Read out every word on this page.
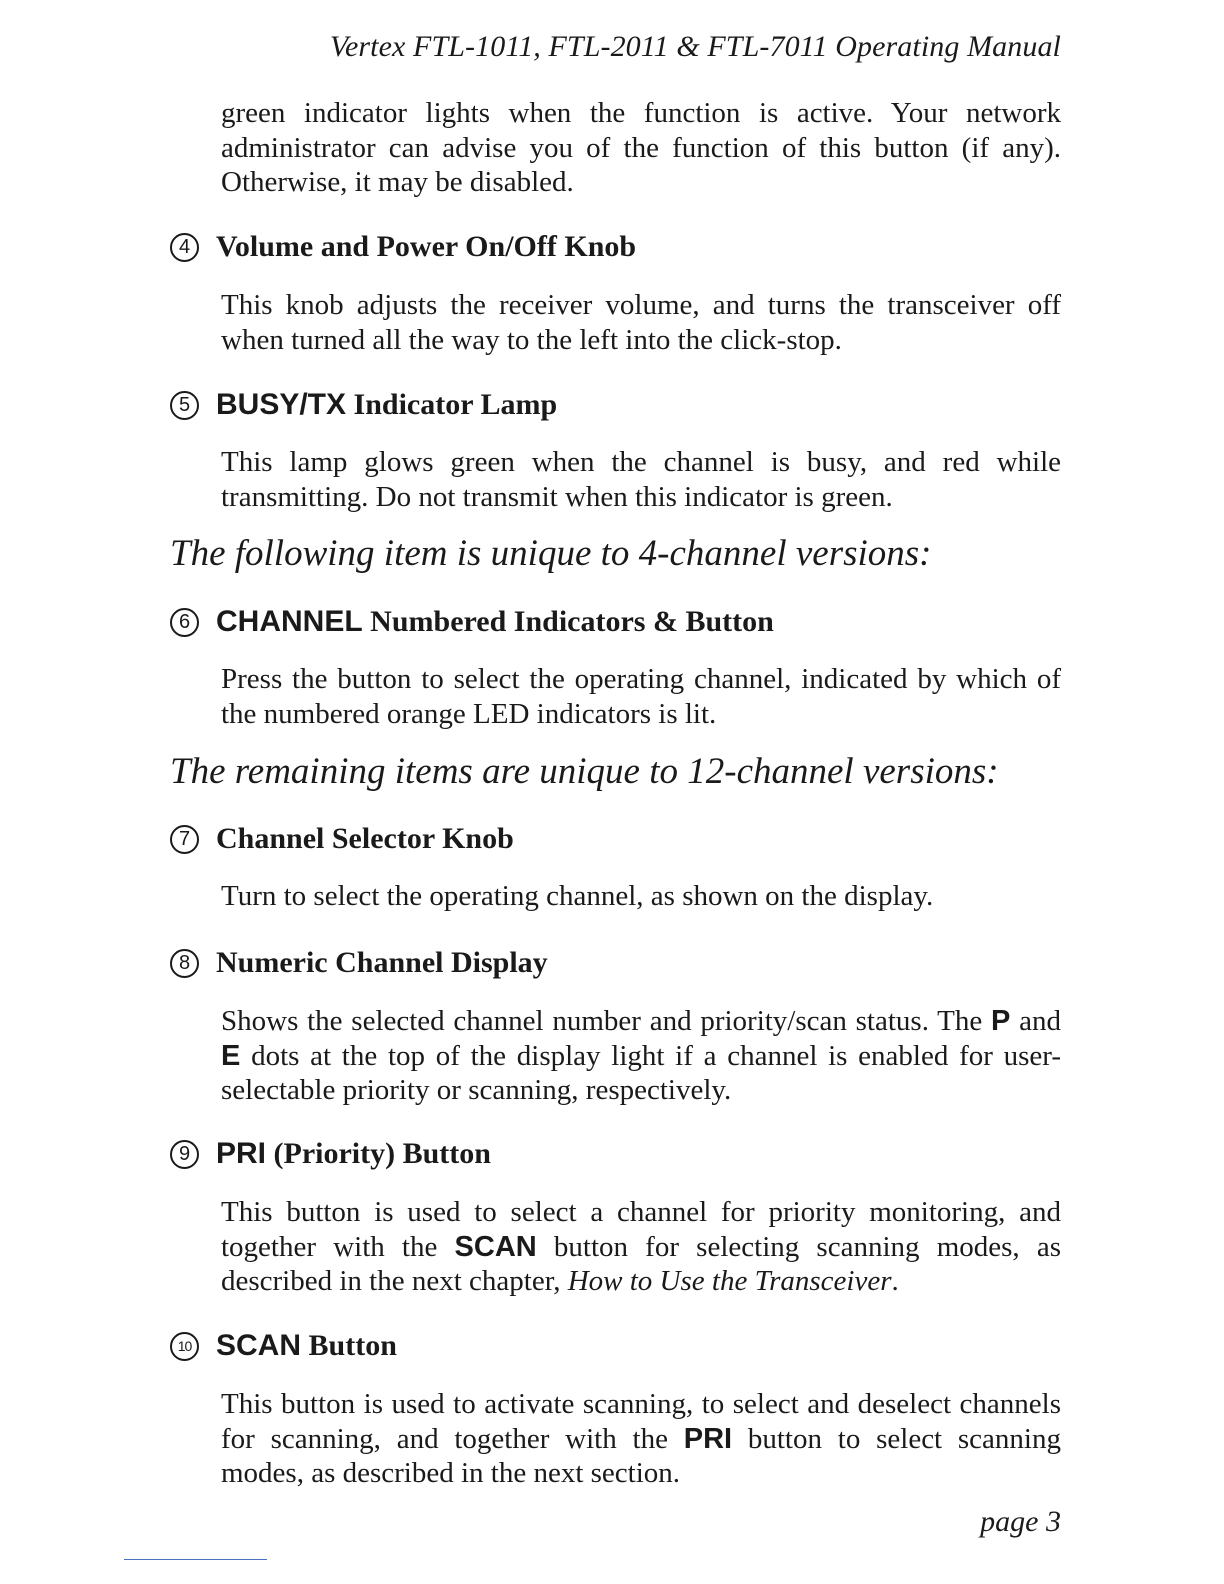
Vertex FTL-1011, FTL-2011 & FTL-7011 Operating Manual

green indicator lights when the function is active. Your network administrator can advise you of the function of this button (if any). Otherwise, it may be disabled.

4 Volume and Power On/Off Knob

This knob adjusts the receiver volume, and turns the transceiver off when turned all the way to the left into the click-stop.

5 BUSY/TX Indicator Lamp

This lamp glows green when the channel is busy, and red while transmitting. Do not transmit when this indicator is green.

The following item is unique to 4-channel versions:
6 CHANNEL Numbered Indicators & Button

Press the button to select the operating channel, indicated by which of the numbered orange LED indicators is lit.

The remaining items are unique to 12-channel versions:
7 Channel Selector Knob

Turn to select the operating channel, as shown on the display.

8 Numeric Channel Display

Shows the selected channel number and priority/scan status. The P and E dots at the top of the display light if a channel is enabled for user-selectable priority or scanning, respectively.

9 PRI (Priority) Button

This button is used to select a channel for priority monitoring, and together with the SCAN button for selecting scanning modes, as described in the next chapter, How to Use the Transceiver.

10 SCAN Button

This button is used to activate scanning, to select and deselect channels for scanning, and together with the PRI button to select scanning modes, as described in the next section.

page 3
